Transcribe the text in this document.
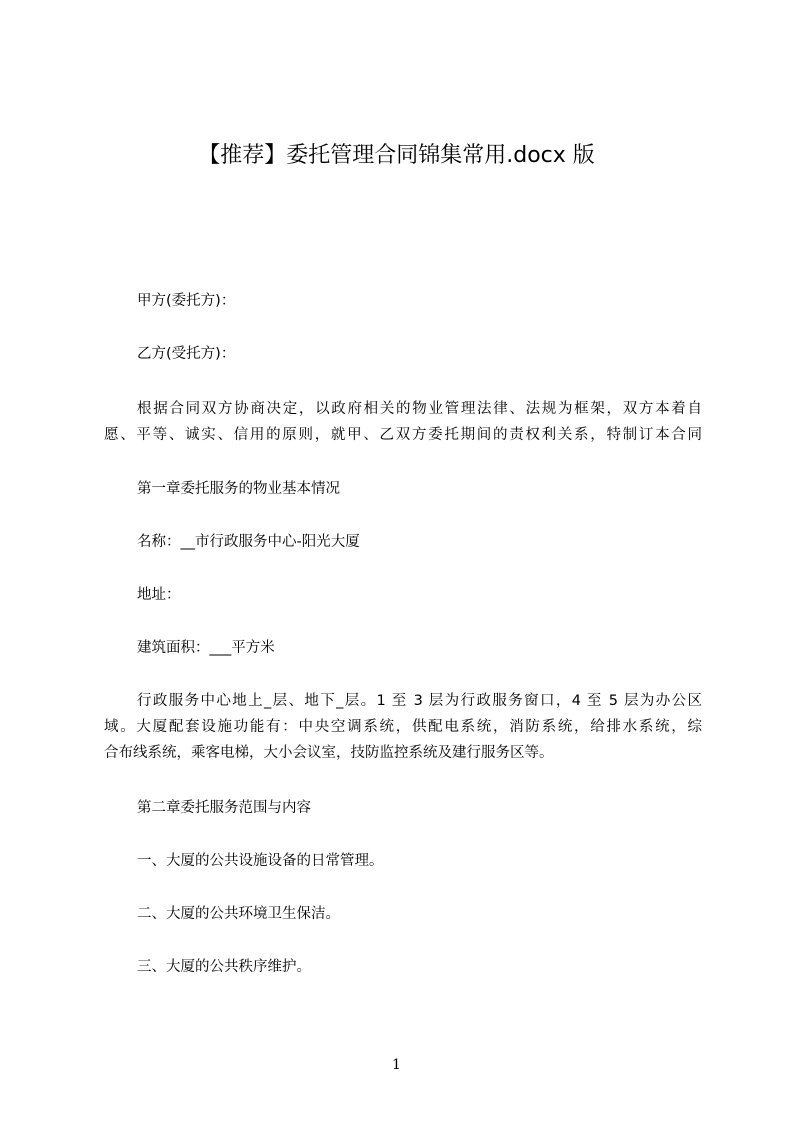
【推荐】委托管理合同锦集常用.docx 版
甲方(委托方)：
乙方(受托方)：
根据合同双方协商决定，以政府相关的物业管理法律、法规为框架，双方本着自
愿、平等、诚实、信用的原则，就甲、乙双方委托期间的责权利关系，特制订本合同
第一章委托服务的物业基本情况
名称：__市行政服务中心-阳光大厦
地址：
建筑面积：___平方米
行政服务中心地上_层、地下_层。1 至 3 层为行政服务窗口，4 至 5 层为办公区
域。大厦配套设施功能有：中央空调系统，供配电系统，消防系统，给排水系统，综
合布线系统，乘客电梯，大小会议室，技防监控系统及建行服务区等。
第二章委托服务范围与内容
一、大厦的公共设施设备的日常管理。
二、大厦的公共环境卫生保洁。
三、大厦的公共秩序维护。
1
